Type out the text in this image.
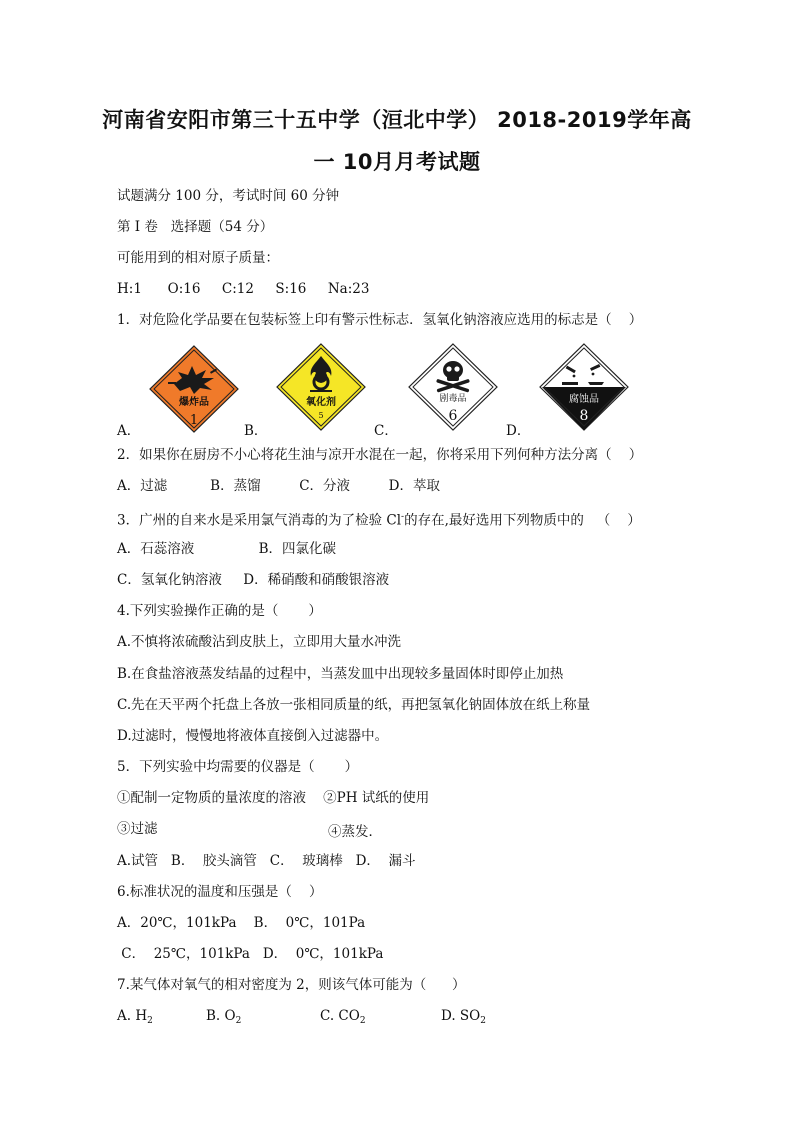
河南省安阳市第三十五中学（洹北中学） 2018-2019学年高
一 10月月考试题
试题满分 100 分，考试时间 60 分钟
第 I 卷   选择题（54 分）
可能用到的相对原子质量：
H:1      O:16     C:12     S:16     Na:23
1．对危险化学品要在包装标签上印有警示性标志．氢氧化钠溶液应选用的标志是（    ）
A．	B．	C．	D．
爆炸品
1
氧化剂
5
剧毒品
6
腐蚀品
8
2．如果你在厨房不小心将花生油与凉开水混在一起，你将采用下列何种方法分离（    ）
A．过滤          B．蒸馏         C．分液         D．萃取
3．广州的自来水是采用氯气消毒的为了检验 Cl-的存在,最好选用下列物质中的   （    ）
A．石蕊溶液               B．四氯化碳
C．氢氧化钠溶液     D．稀硝酸和硝酸银溶液
4.下列实验操作正确的是（       ）
A.不慎将浓硫酸沾到皮肤上，立即用大量水冲洗
B.在食盐溶液蒸发结晶的过程中，当蒸发皿中出现较多量固体时即停止加热
C.先在天平两个托盘上各放一张相同质量的纸，再把氢氧化钠固体放在纸上称量
D.过滤时，慢慢地将液体直接倒入过滤器中。
5．下列实验中均需要的仪器是（       ）
①配制一定物质的量浓度的溶液    ②PH 试纸的使用
③过滤	④蒸发．
A.试管   B．  胶头滴管   C．  玻璃棒   D．  漏斗
6.标准状况的温度和压强是（    ）
A．20℃，101kPa    B．  0℃，101Pa
C．  25℃，101kPa   D．  0℃，101kPa
7.某气体对氧气的相对密度为 2，则该气体可能为（      ）
A. $H_2$	B. $O_2$	C. $CO_2$	D. $SO_2$
